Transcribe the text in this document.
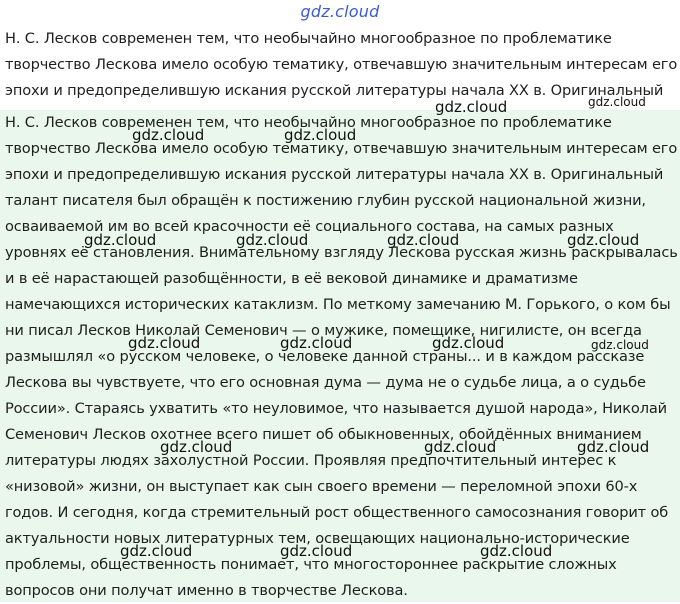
gdz.cloud
Н. С. Лесков современен тем, что необычайно многообразное по проблематике
творчество Лескова имело особую тематику, отвечавшую значительным интересам его
эпохи и предопределившую искания русской литературы начала XX в. Оригинальный
Н. С. Лесков современен тем, что необычайно многообразное по проблематике
творчество Лескова имело особую тематику, отвечавшую значительным интересам его
эпохи и предопределившую искания русской литературы начала XX в. Оригинальный
талант писателя был обращён к постижению глубин русской национальной жизни,
осваиваемой им во всей красочности её социального состава, на самых разных
уровнях её становления. Внимательному взгляду Лескова русская жизнь раскрывалась
и в её нарастающей разобщённости, в её вековой динамике и драматизме
намечающихся исторических катаклизм. По меткому замечанию М. Горького, о ком бы
ни писал Лесков Николай Семенович — о мужике, помещике, нигилисте, он всегда
размышлял «о русском человеке, о человеке данной страны... и в каждом рассказе
Лескова вы чувствуете, что его основная дума — дума не о судьбе лица, а о судьбе
России». Стараясь ухватить «то неуловимое, что называется душой народа», Николай
Семенович Лесков охотнее всего пишет об обыкновенных, обойдённых вниманием
литературы людях захолустной России. Проявляя предпочтительный интерес к
«низовой» жизни, он выступает как сын своего времени — переломной эпохи 60-х
годов. И сегодня, когда стремительный рост общественного самосознания говорит об
актуальности новых литературных тем, освещающих национально-исторические
проблемы, общественность понимает, что многостороннее раскрытие сложных
вопросов они получат именно в творчестве Лескова.
gdz.cloud	gdz.cloud
gdz.cloud	gdz.cloud
gdz.cloud	gdz.cloud	gdz.cloud	gdz.cloud
gdz.cloud	gdz.cloud	gdz.cloud	gdz.cloud
gdz.cloud	gdz.cloud	gdz.cloud
gdz.cloud	gdz.cloud	gdz.cloud
